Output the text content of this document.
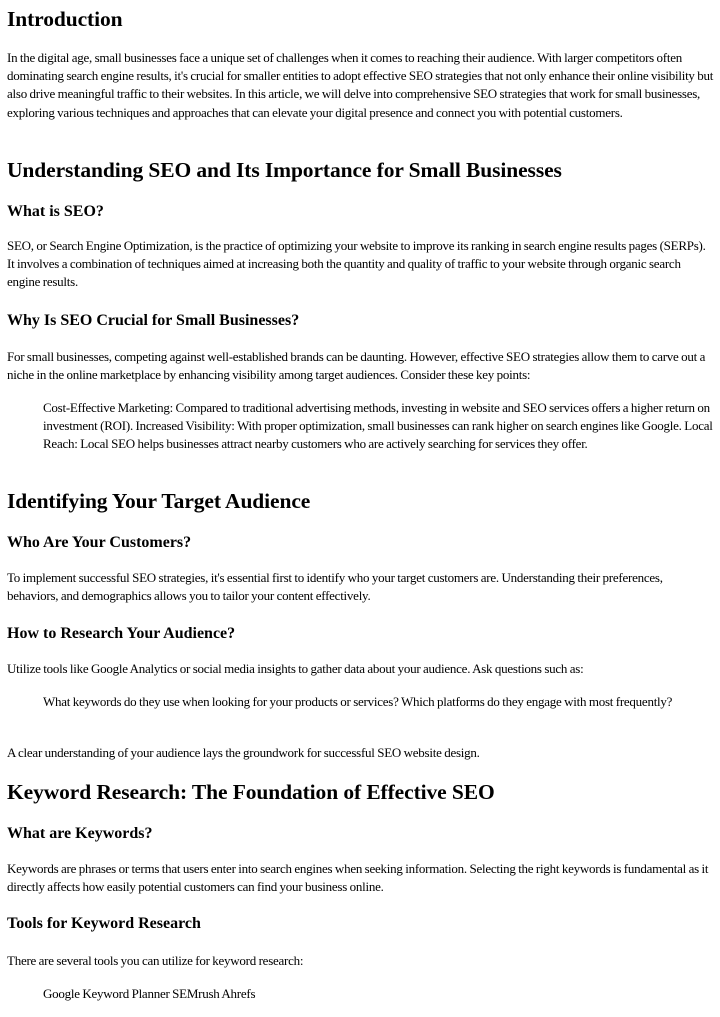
Introduction

In the digital age, small businesses face a unique set of challenges when it comes to reaching their audience. With larger competitors often dominating search engine results, it's crucial for smaller entities to adopt effective SEO strategies that not only enhance their online visibility but also drive meaningful traffic to their websites. In this article, we will delve into comprehensive SEO strategies that work for small businesses, exploring various techniques and approaches that can elevate your digital presence and connect you with potential customers.

Understanding SEO and Its Importance for Small Businesses
What is SEO?

SEO, or Search Engine Optimization, is the practice of optimizing your website to improve its ranking in search engine results pages (SERPs). It involves a combination of techniques aimed at increasing both the quantity and quality of traffic to your website through organic search engine results.

Why Is SEO Crucial for Small Businesses?

For small businesses, competing against well-established brands can be daunting. However, effective SEO strategies allow them to carve out a niche in the online marketplace by enhancing visibility among target audiences. Consider these key points:

Cost-Effective Marketing: Compared to traditional advertising methods, investing in website and SEO services offers a higher return on investment (ROI). Increased Visibility: With proper optimization, small businesses can rank higher on search engines like Google. Local Reach: Local SEO helps businesses attract nearby customers who are actively searching for services they offer.

Identifying Your Target Audience
Who Are Your Customers?

To implement successful SEO strategies, it's essential first to identify who your target customers are. Understanding their preferences, behaviors, and demographics allows you to tailor your content effectively.

How to Research Your Audience?

Utilize tools like Google Analytics or social media insights to gather data about your audience. Ask questions such as:

What keywords do they use when looking for your products or services? Which platforms do they engage with most frequently?

A clear understanding of your audience lays the groundwork for successful SEO website design.

Keyword Research: The Foundation of Effective SEO
What are Keywords?

Keywords are phrases or terms that users enter into search engines when seeking information. Selecting the right keywords is fundamental as it directly affects how easily potential customers can find your business online.

Tools for Keyword Research

There are several tools you can utilize for keyword research:

Google Keyword Planner SEMrush Ahrefs
